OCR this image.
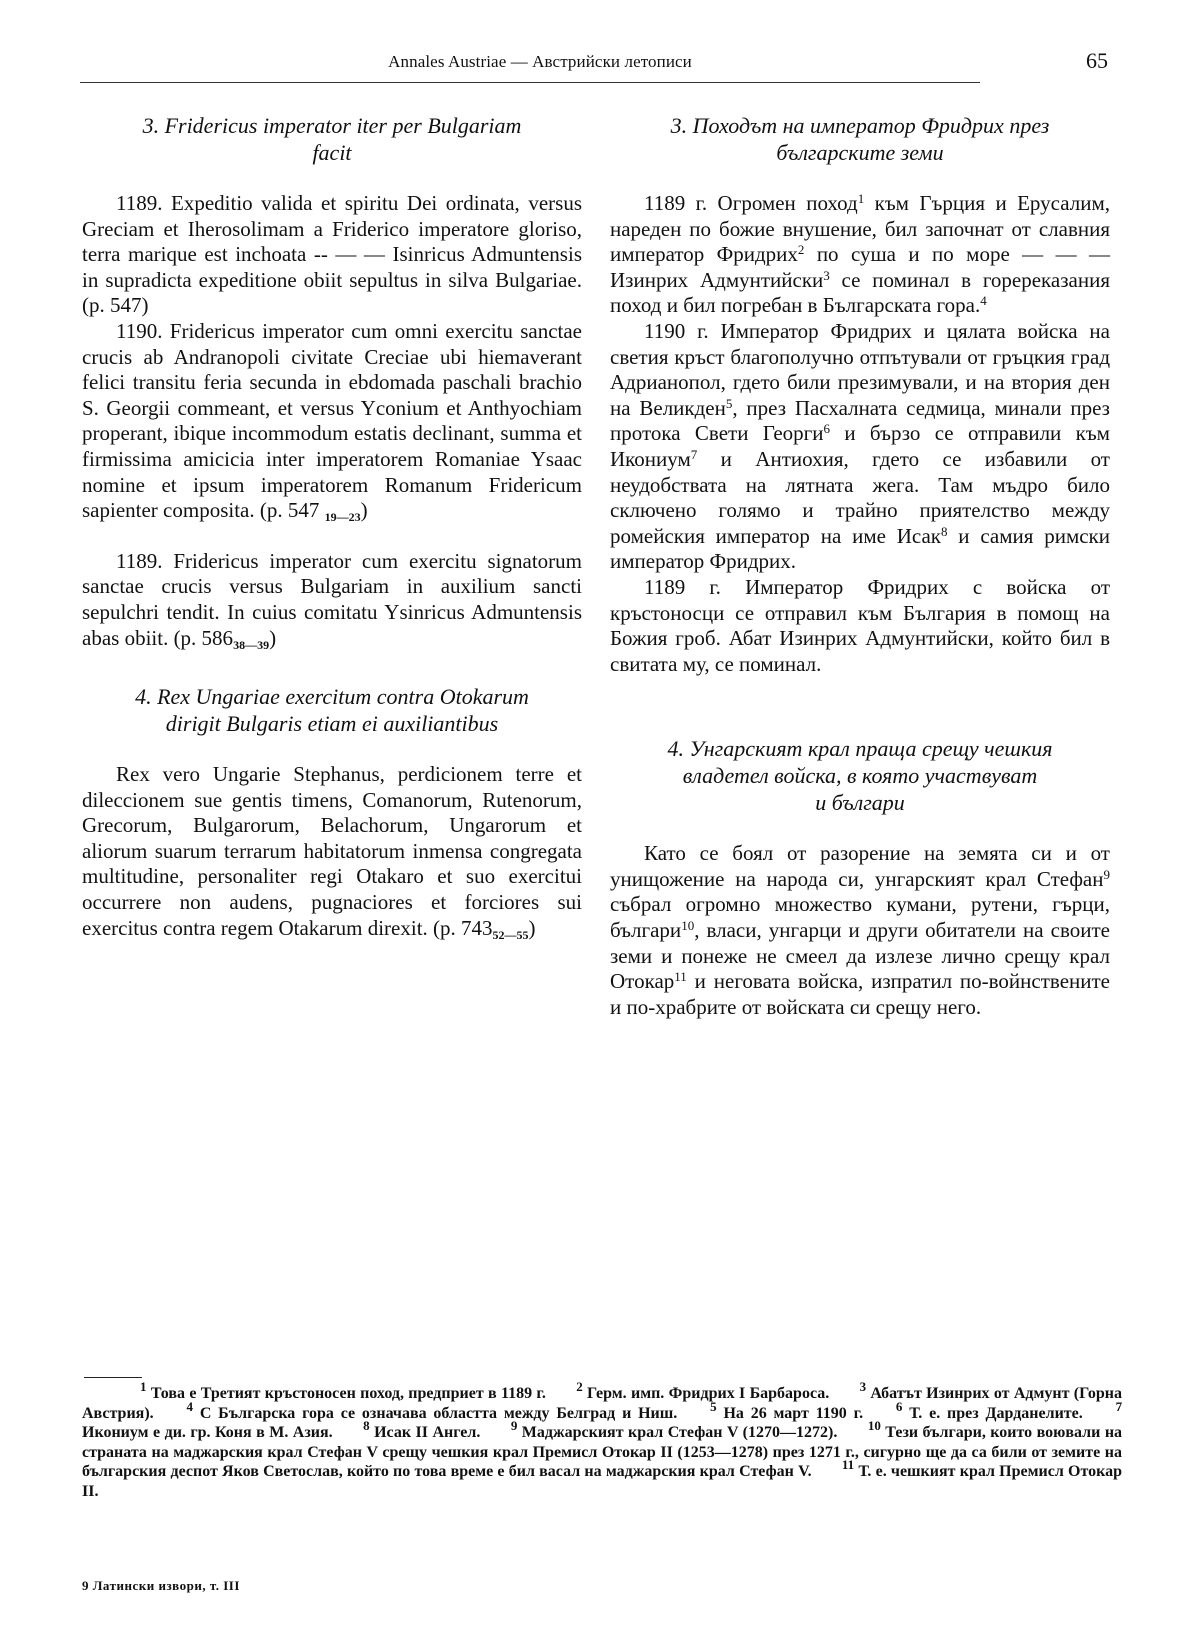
Annales Austriae — Австрийски летописи	65
3. Fridericus imperator iter per Bulgariam
facit

1189. Expeditio valida et spiritu Dei ordinata, versus Greciam et Iherosolimam a Friderico imperatore gloriso, terra marique est inchoata -- — — Isinricus Admuntensis in supradicta expeditione obiit sepultus in silva Bulgariae. (p. 547)

1190. Fridericus imperator cum omni exercitu sanctae crucis ab Andranopoli civitate Creciae ubi hiemaverant felici transitu feria secunda in ebdomada paschali brachio S. Georgii commeant, et versus Yconium et Anthyochiam properant, ibique incommodum estatis declinant, summa et firmissima amicicia inter imperatorem Romaniae Ysaac nomine et ipsum imperatorem Romanum Fridericum sapienter composita. (p. 547 $_{19—23}$)

1189. Fridericus imperator cum exercitu signatorum sanctae crucis versus Bulgariam in auxilium sancti sepulchri tendit. In cuius comitatu Ysinricus Admuntensis abas obiit. (p. $586_{38—39}$)

4. Rex Ungariae exercitum contra Otokarum
dirigit Bulgaris etiam ei auxiliantibus

Rex vero Ungarie Stephanus, perdicionem terre et dileccionem sue gentis timens, Comanorum, Rutenorum, Grecorum, Bulgarorum, Belachorum, Ungarorum et aliorum suarum terrarum habitatorum inmensa congregata multitudine, personaliter regi Otakaro et suo exercitui occurrere non audens, pugnaciores et forciores sui exercitus contra regem Otakarum direxit. (p. $743_{52—55}$)

3. Походът на император Фридрих през
българските земи

1189 г. Огромен поход$^1$ към Гърция и Ерусалим, нареден по божие внушение, бил започнат от славния император Фридрих$^2$ по суша и по море — — — Изинрих Адмунтийски$^3$ се поминал в горереказания поход и бил погребан в Българската гора.$^4$

1190 г. Император Фридрих и цялата войска на светия кръст благополучно отпътували от гръцкия град Адрианопол, гдето били презимували, и на втория ден на Великден$^5$, през Пасхалната седмица, минали през протока Свети Георги$^6$ и бързо се отправили към Икониум$^7$ и Антиохия, гдето се избавили от неудобствата на лятната жега. Там мъдро било сключено голямо и трайно приятелство между ромейския император на име Исак$^8$ и самия римски император Фридрих.

1189 г. Император Фридрих с войска от кръстоносци се отправил към България в помощ на Божия гроб. Абат Изинрих Адмунтийски, който бил в свитата му, се поминал.

4. Унгарският крал праща срещу чешкия
владетел войска, в която участвуват
и българи

Като се боял от разорение на земята си и от унищожение на народа си, унгарският крал Стефан$^9$ събрал огромно множество кумани, рутени, гърци, българи$^{10}$, власи, унгарци и други обитатели на своите земи и понеже не смеел да излезе лично срещу крал Отокар$^{11}$ и неговата войска, изпратил по-войнствените и по-храбрите от войската си срещу него.

$^1$ Това е Третият кръстоносен поход, предприет в 1189 г. $^2$ Герм. имп. Фридрих I Барбароса. $^3$ Абатът Изинрих от Адмунт (Горна Австрия).	$^4$ С Българска гора се означава областта между Белград и Ниш.	$^5$ На 26 март 1190 г.	$^6$ Т. е. през Дарданелите.	$^7$ Икониум е ди. гр. Коня в М. Азия. $^8$ Исак II Ангел. $^9$ Маджарският крал Стефан V (1270—1272). $^{10}$ Тези българи, които воювали на страната на маджарския крал Стефан V срещу чешкия крал Премисл Отокар II (1253—1278) през 1271 г., сигурно ще да са били от земите на българския деспот Яков Светослав, който по това време е бил васал на маджарския крал Стефан V. $^{11}$ Т. е. чешкият крал Премисл Отокар II.

9 Латински извори, т. III
